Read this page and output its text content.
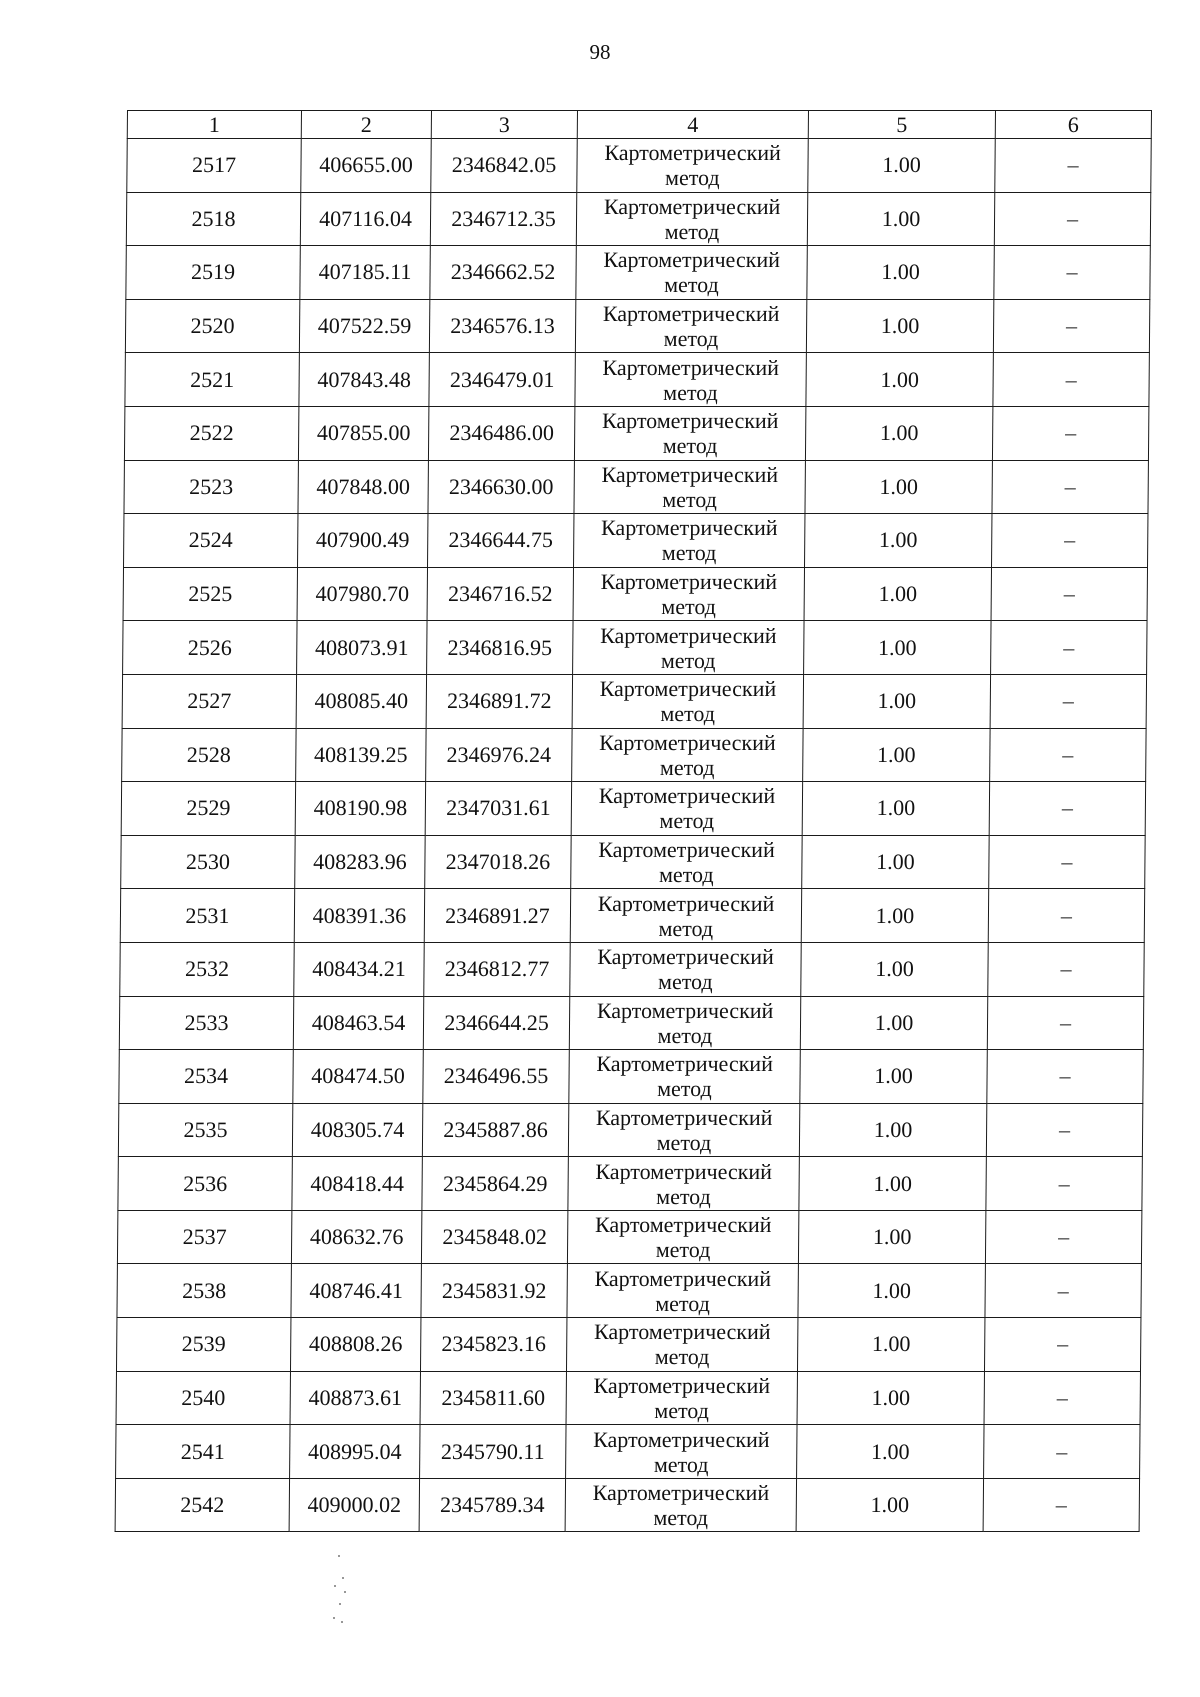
98
1	2	3	4	5	6
2517	406655.00	2346842.05	Картометрический метод	1.00	–
2518	407116.04	2346712.35	Картометрический метод	1.00	–
2519	407185.11	2346662.52	Картометрический метод	1.00	–
2520	407522.59	2346576.13	Картометрический метод	1.00	–
2521	407843.48	2346479.01	Картометрический метод	1.00	–
2522	407855.00	2346486.00	Картометрический метод	1.00	–
2523	407848.00	2346630.00	Картометрический метод	1.00	–
2524	407900.49	2346644.75	Картометрический метод	1.00	–
2525	407980.70	2346716.52	Картометрический метод	1.00	–
2526	408073.91	2346816.95	Картометрический метод	1.00	–
2527	408085.40	2346891.72	Картометрический метод	1.00	–
2528	408139.25	2346976.24	Картометрический метод	1.00	–
2529	408190.98	2347031.61	Картометрический метод	1.00	–
2530	408283.96	2347018.26	Картометрический метод	1.00	–
2531	408391.36	2346891.27	Картометрический метод	1.00	–
2532	408434.21	2346812.77	Картометрический метод	1.00	–
2533	408463.54	2346644.25	Картометрический метод	1.00	–
2534	408474.50	2346496.55	Картометрический метод	1.00	–
2535	408305.74	2345887.86	Картометрический метод	1.00	–
2536	408418.44	2345864.29	Картометрический метод	1.00	–
2537	408632.76	2345848.02	Картометрический метод	1.00	–
2538	408746.41	2345831.92	Картометрический метод	1.00	–
2539	408808.26	2345823.16	Картометрический метод	1.00	–
2540	408873.61	2345811.60	Картометрический метод	1.00	–
2541	408995.04	2345790.11	Картометрический метод	1.00	–
2542	409000.02	2345789.34	Картометрический метод	1.00	–
